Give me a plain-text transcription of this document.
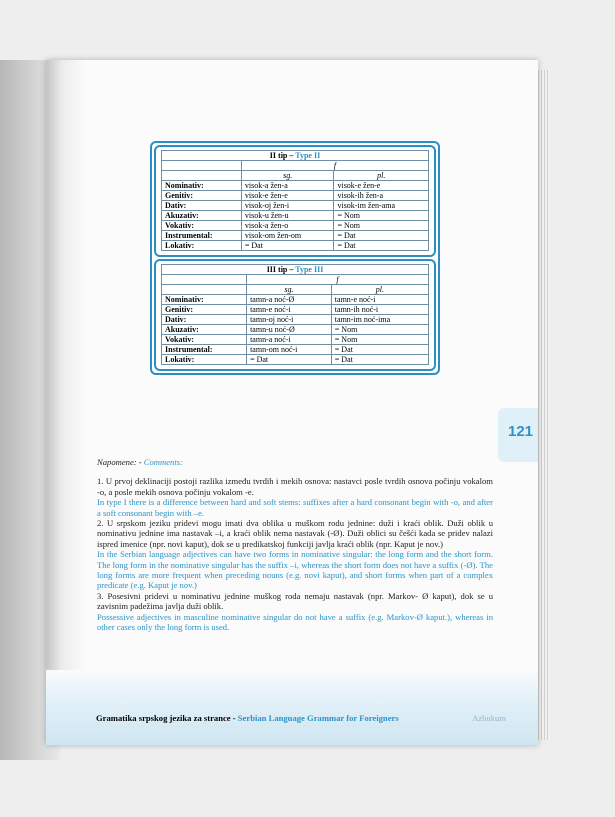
121
II tip – Type II		
	f	
	sg.	pl.
Nominativ:	visok-a žen-a	visok-e žen-e
Genitiv:	visok-e žen-e	visok-ih žen-a
Dativ:	visok-oj žen-i	visok-im žen-ama
Akuzativ:	visok-u žen-u	= Nom
Vokativ:	visok-a žen-o	= Nom
Instrumental:	visok-om žen-om	= Dat
Lokativ:	= Dat	= Dat
III tip – Type III		
	f	
	sg.	pl.
Nominativ:	tamn-a noć-Ø	tamn-e noć-i
Genitiv:	tamn-e noć-i	tamn-ih noć-i
Dativ:	tamn-oj noć-i	tamn-im noć-ima
Akuzativ:	tamn-u noć-Ø	= Nom
Vokativ:	tamn-a noć-i	= Nom
Instrumental:	tamn-om noć-i	= Dat
Lokativ:	= Dat	= Dat

Napomene: - Comments:

1. U prvoj deklinaciji postoji razlika između tvrdih i mekih osnova: nastavci posle tvrdih osnova počinju vokalom -o, a posle mekih osnova počinju vokalom -e.

In type I there is a difference between hard and soft stems: suffixes after a hard consonant begin with -o, and after a soft consonant begin with –e.

2. U srpskom jeziku pridevi mogu imati dva oblika u muškom rodu jednine: duži i kraći oblik. Duži oblik u nominativu jednine ima nastavak –i, a kraći oblik nema nastavak (-Ø). Duži oblici su češći kada se pridev nalazi ispred imenice (npr. novi kaput), dok se u predikatskoj funkciji javlja kraći oblik (npr. Kaput je nov.)

In the Serbian language adjectives can have two forms in nominative singular: the long form and the short form. The long form in the nominative singular has the suffix –i, whereas the short form does not have a suffix (-Ø). The long forms are more frequent when preceding nouns (e.g. novi kaput), and short forms when part of a complex predicate (e.g. Kaput je nov.)

3. Posesivni pridevi u nominativu jednine muškog roda nemaju nastavak (npr. Markov- Ø kaput), dok se u zavisnim padežima javlja duži oblik.

Possessive adjectives in masculine nominative singular do not have a suffix (e.g. Markov-Ø kaput.), whereas in other cases only the long form is used.

Gramatika srpskog jezika za strance - Serbian Language Grammar for Foreigners	Azbukum
